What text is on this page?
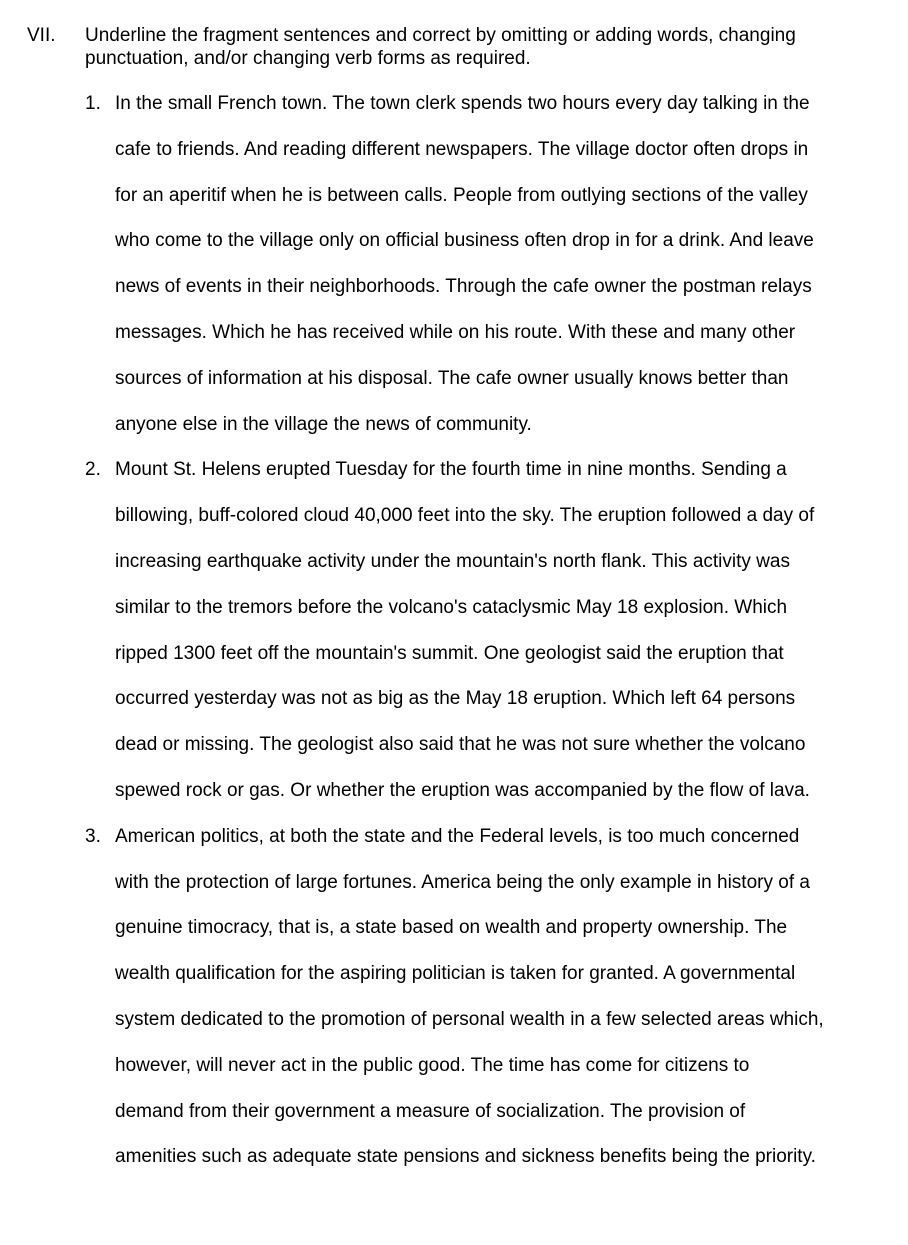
VII.	Underline the fragment sentences and correct by omitting or adding words, changing
punctuation, and/or changing verb forms as required.
1. In the small French town. The town clerk spends two hours every day talking in the
cafe to friends. And reading different newspapers. The village doctor often drops in
for an aperitif when he is between calls. People from outlying sections of the valley
who come to the village only on official business often drop in for a drink. And leave
news of events in their neighborhoods. Through the cafe owner the postman relays
messages. Which he has received while on his route. With these and many other
sources of information at his disposal. The cafe owner usually knows better than
anyone else in the village the news of community.

2. Mount St. Helens erupted Tuesday for the fourth time in nine months. Sending a
billowing, buff-colored cloud 40,000 feet into the sky. The eruption followed a day of
increasing earthquake activity under the mountain's north flank. This activity was
similar to the tremors before the volcano's cataclysmic May 18 explosion. Which
ripped 1300 feet off the mountain's summit. One geologist said the eruption that
occurred yesterday was not as big as the May 18 eruption. Which left 64 persons
dead or missing. The geologist also said that he was not sure whether the volcano
spewed rock or gas. Or whether the eruption was accompanied by the flow of lava.

3. American politics, at both the state and the Federal levels, is too much concerned
with the protection of large fortunes. America being the only example in history of a
genuine timocracy, that is, a state based on wealth and property ownership. The
wealth qualification for the aspiring politician is taken for granted. A governmental
system dedicated to the promotion of personal wealth in a few selected areas which,
however, will never act in the public good. The time has come for citizens to
demand from their government a measure of socialization. The provision of
amenities such as adequate state pensions and sickness benefits being the priority.
